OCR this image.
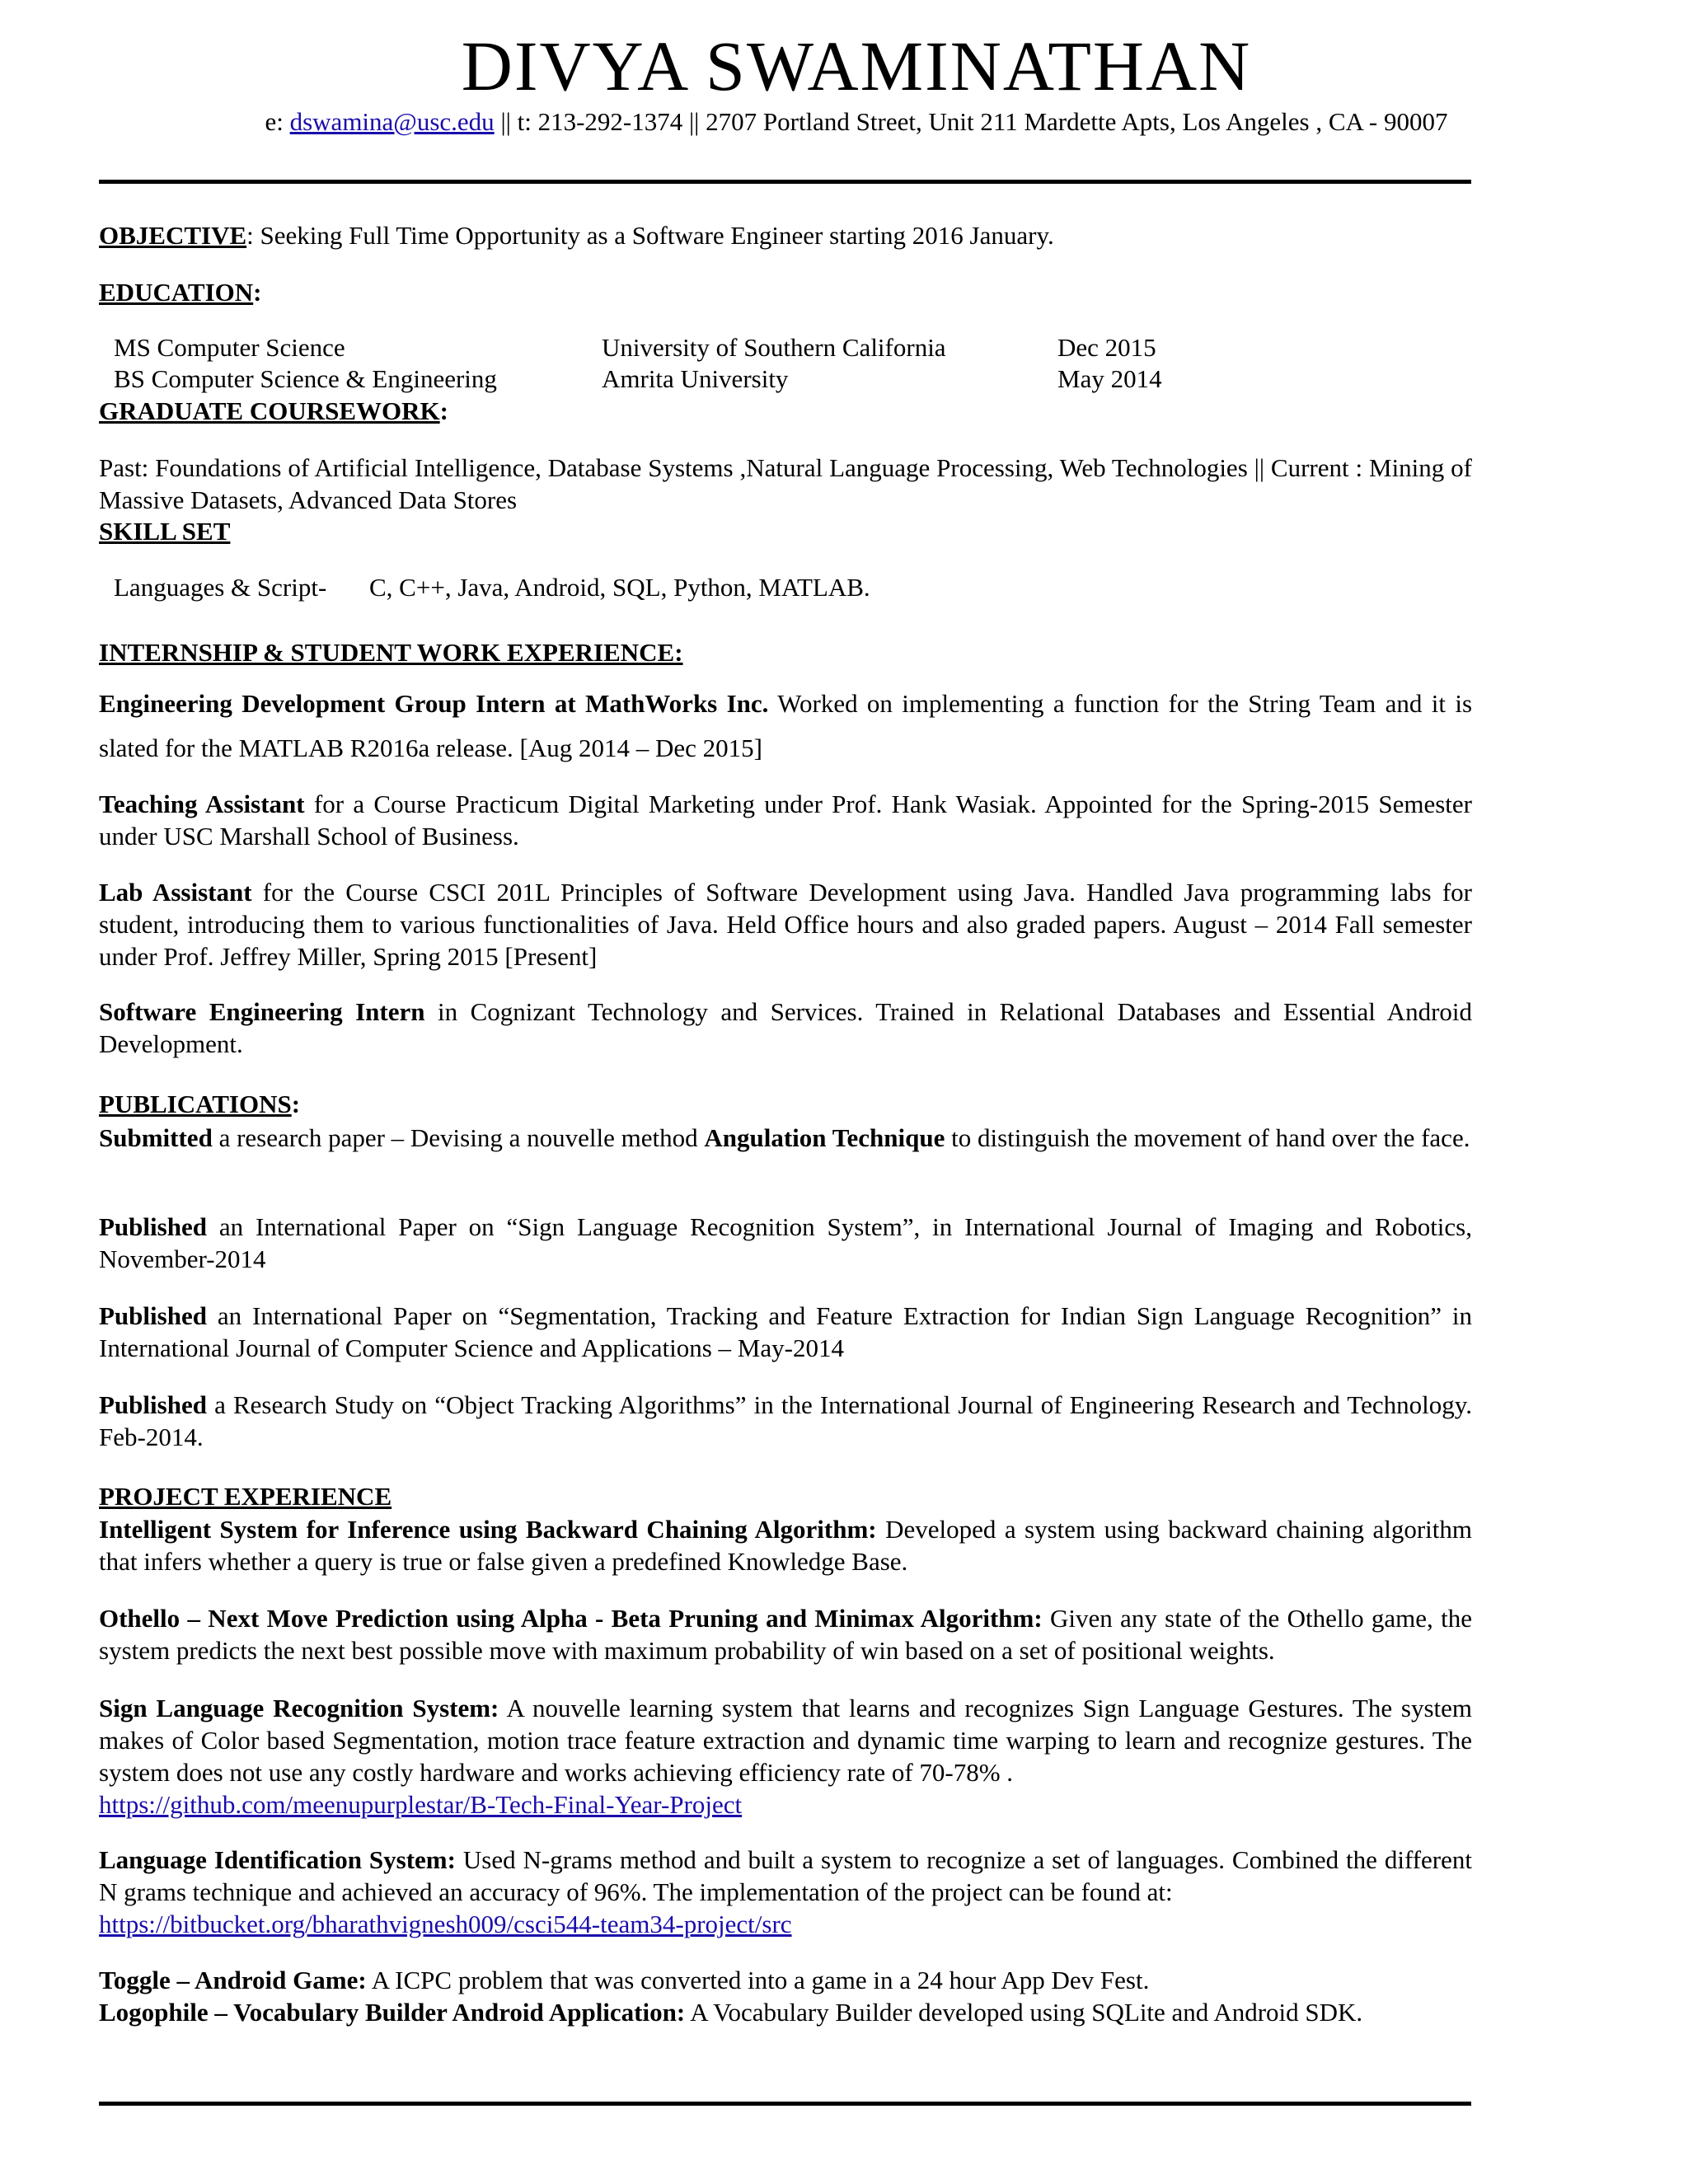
DIVYA SWAMINATHAN
e: dswamina@usc.edu || t: 213-292-1374 || 2707 Portland Street, Unit 211 Mardette Apts, Los Angeles , CA - 90007
OBJECTIVE: Seeking Full Time Opportunity as a Software Engineer starting 2016 January.
EDUCATION:
MS Computer Science	University of Southern California	Dec 2015
BS Computer Science & Engineering	Amrita University	May 2014
GRADUATE COURSEWORK:
Past: Foundations of Artificial Intelligence, Database Systems ,Natural Language Processing, Web Technologies || Current : Mining of Massive Datasets, Advanced Data Stores
SKILL SET
Languages & Script- C, C++, Java, Android, SQL, Python, MATLAB.
INTERNSHIP & STUDENT WORK EXPERIENCE:
Engineering Development Group Intern at MathWorks Inc. Worked on implementing a function for the String Team and it is slated for the MATLAB R2016a release. [Aug 2014 – Dec 2015]
Teaching Assistant for a Course Practicum Digital Marketing under Prof. Hank Wasiak. Appointed for the Spring-2015 Semester under USC Marshall School of Business.
Lab Assistant for the Course CSCI 201L Principles of Software Development using Java. Handled Java programming labs for student, introducing them to various functionalities of Java. Held Office hours and also graded papers. August – 2014 Fall semester under Prof. Jeffrey Miller, Spring 2015 [Present]
Software Engineering Intern in Cognizant Technology and Services. Trained in Relational Databases and Essential Android Development.
PUBLICATIONS:
Submitted a research paper – Devising a nouvelle method Angulation Technique to distinguish the movement of hand over the face.
Published an International Paper on “Sign Language Recognition System”, in International Journal of Imaging and Robotics, November-2014
Published an International Paper on “Segmentation, Tracking and Feature Extraction for Indian Sign Language Recognition” in International Journal of Computer Science and Applications – May-2014
Published a Research Study on “Object Tracking Algorithms” in the International Journal of Engineering Research and Technology. Feb-2014.
PROJECT EXPERIENCE
Intelligent System for Inference using Backward Chaining Algorithm: Developed a system using backward chaining algorithm that infers whether a query is true or false given a predefined Knowledge Base.
Othello – Next Move Prediction using Alpha - Beta Pruning and Minimax Algorithm: Given any state of the Othello game, the system predicts the next best possible move with maximum probability of win based on a set of positional weights.
Sign Language Recognition System: A nouvelle learning system that learns and recognizes Sign Language Gestures. The system makes of Color based Segmentation, motion trace feature extraction and dynamic time warping to learn and recognize gestures. The system does not use any costly hardware and works achieving efficiency rate of 70-78% .
https://github.com/meenupurplestar/B-Tech-Final-Year-Project
Language Identification System: Used N-grams method and built a system to recognize a set of languages. Combined the different N grams technique and achieved an accuracy of 96%. The implementation of the project can be found at:
https://bitbucket.org/bharathvignesh009/csci544-team34-project/src
Toggle – Android Game: A ICPC problem that was converted into a game in a 24 hour App Dev Fest.
Logophile – Vocabulary Builder Android Application: A Vocabulary Builder developed using SQLite and Android SDK.
